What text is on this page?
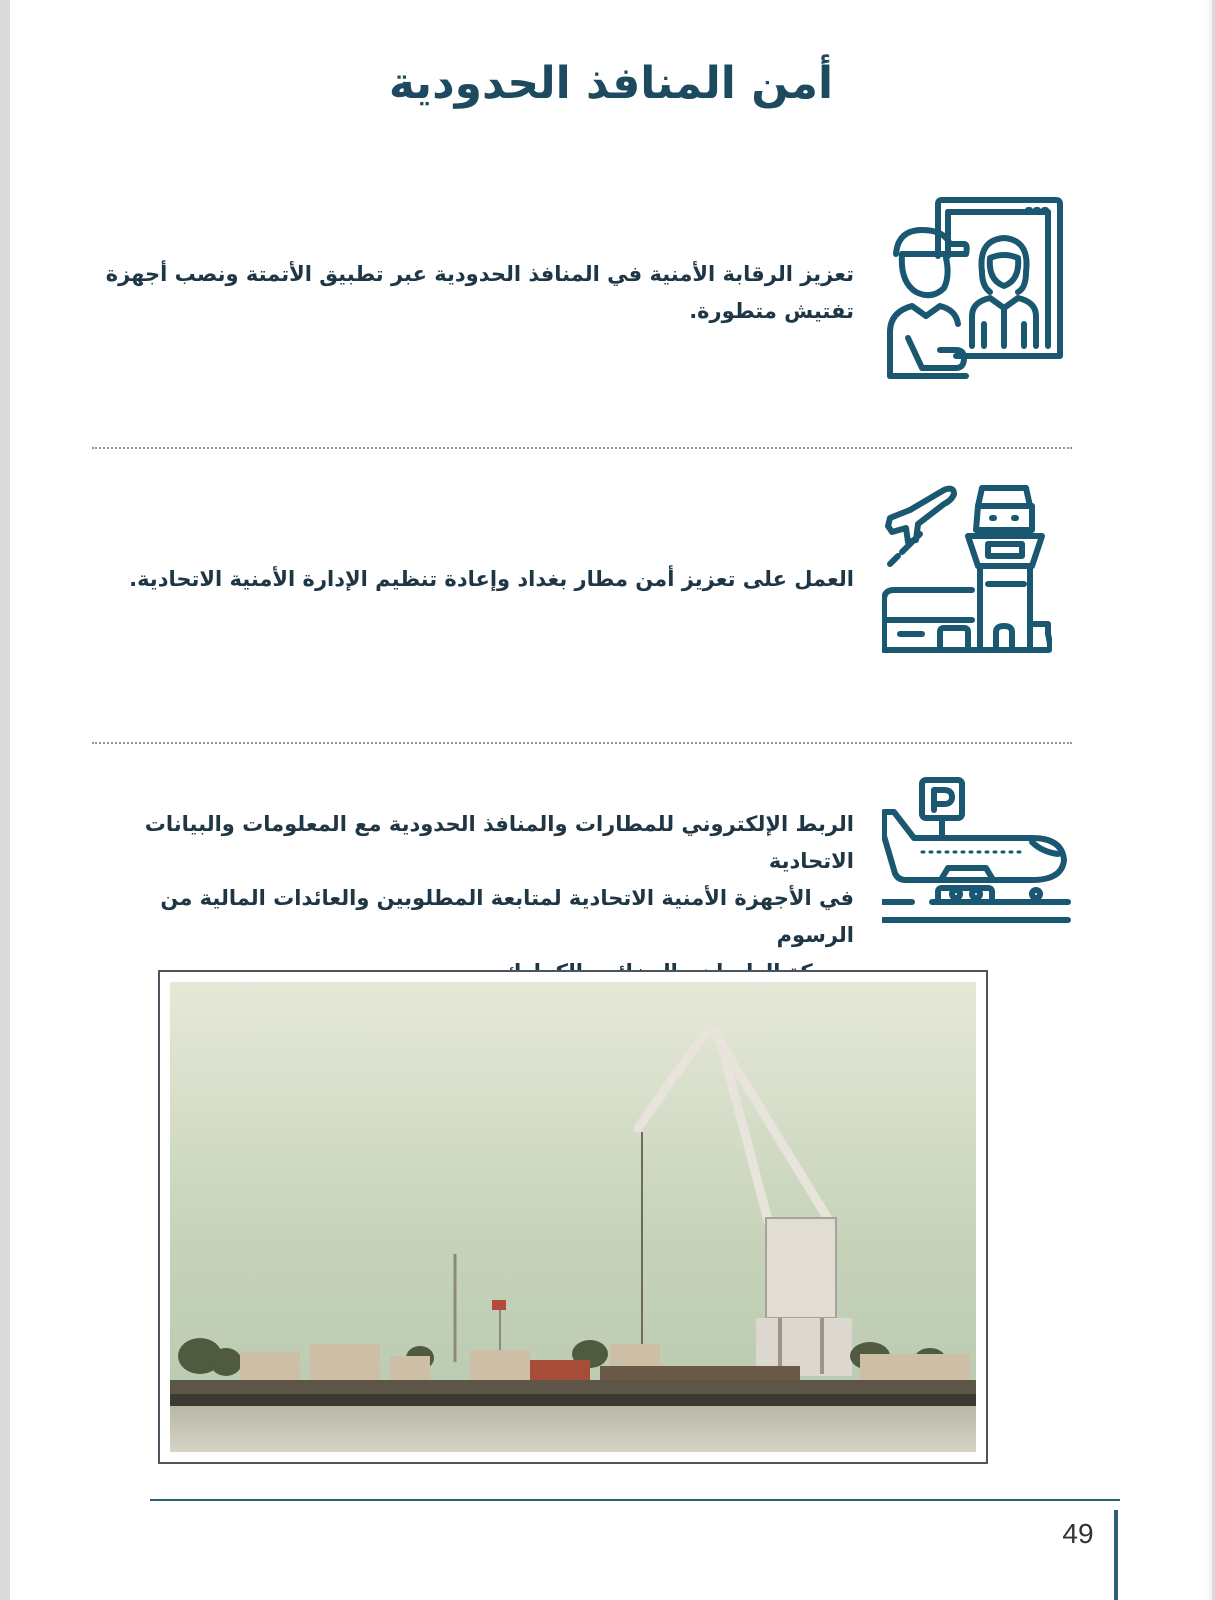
أمن المنافذ الحدودية
تعزيز الرقابة الأمنية في المنافذ الحدودية عبر تطبيق الأتمتة ونصب أجهزة
تفتيش متطورة.
العمل على تعزيز أمن مطار بغداد وإعادة تنظيم الإدارة الأمنية الاتحادية.
الربط الإلكتروني للمطارات والمنافذ الحدودية مع المعلومات والبيانات الاتحادية
في الأجهزة الأمنية الاتحادية لمتابعة المطلوبين والعائدات المالية من الرسوم
49
